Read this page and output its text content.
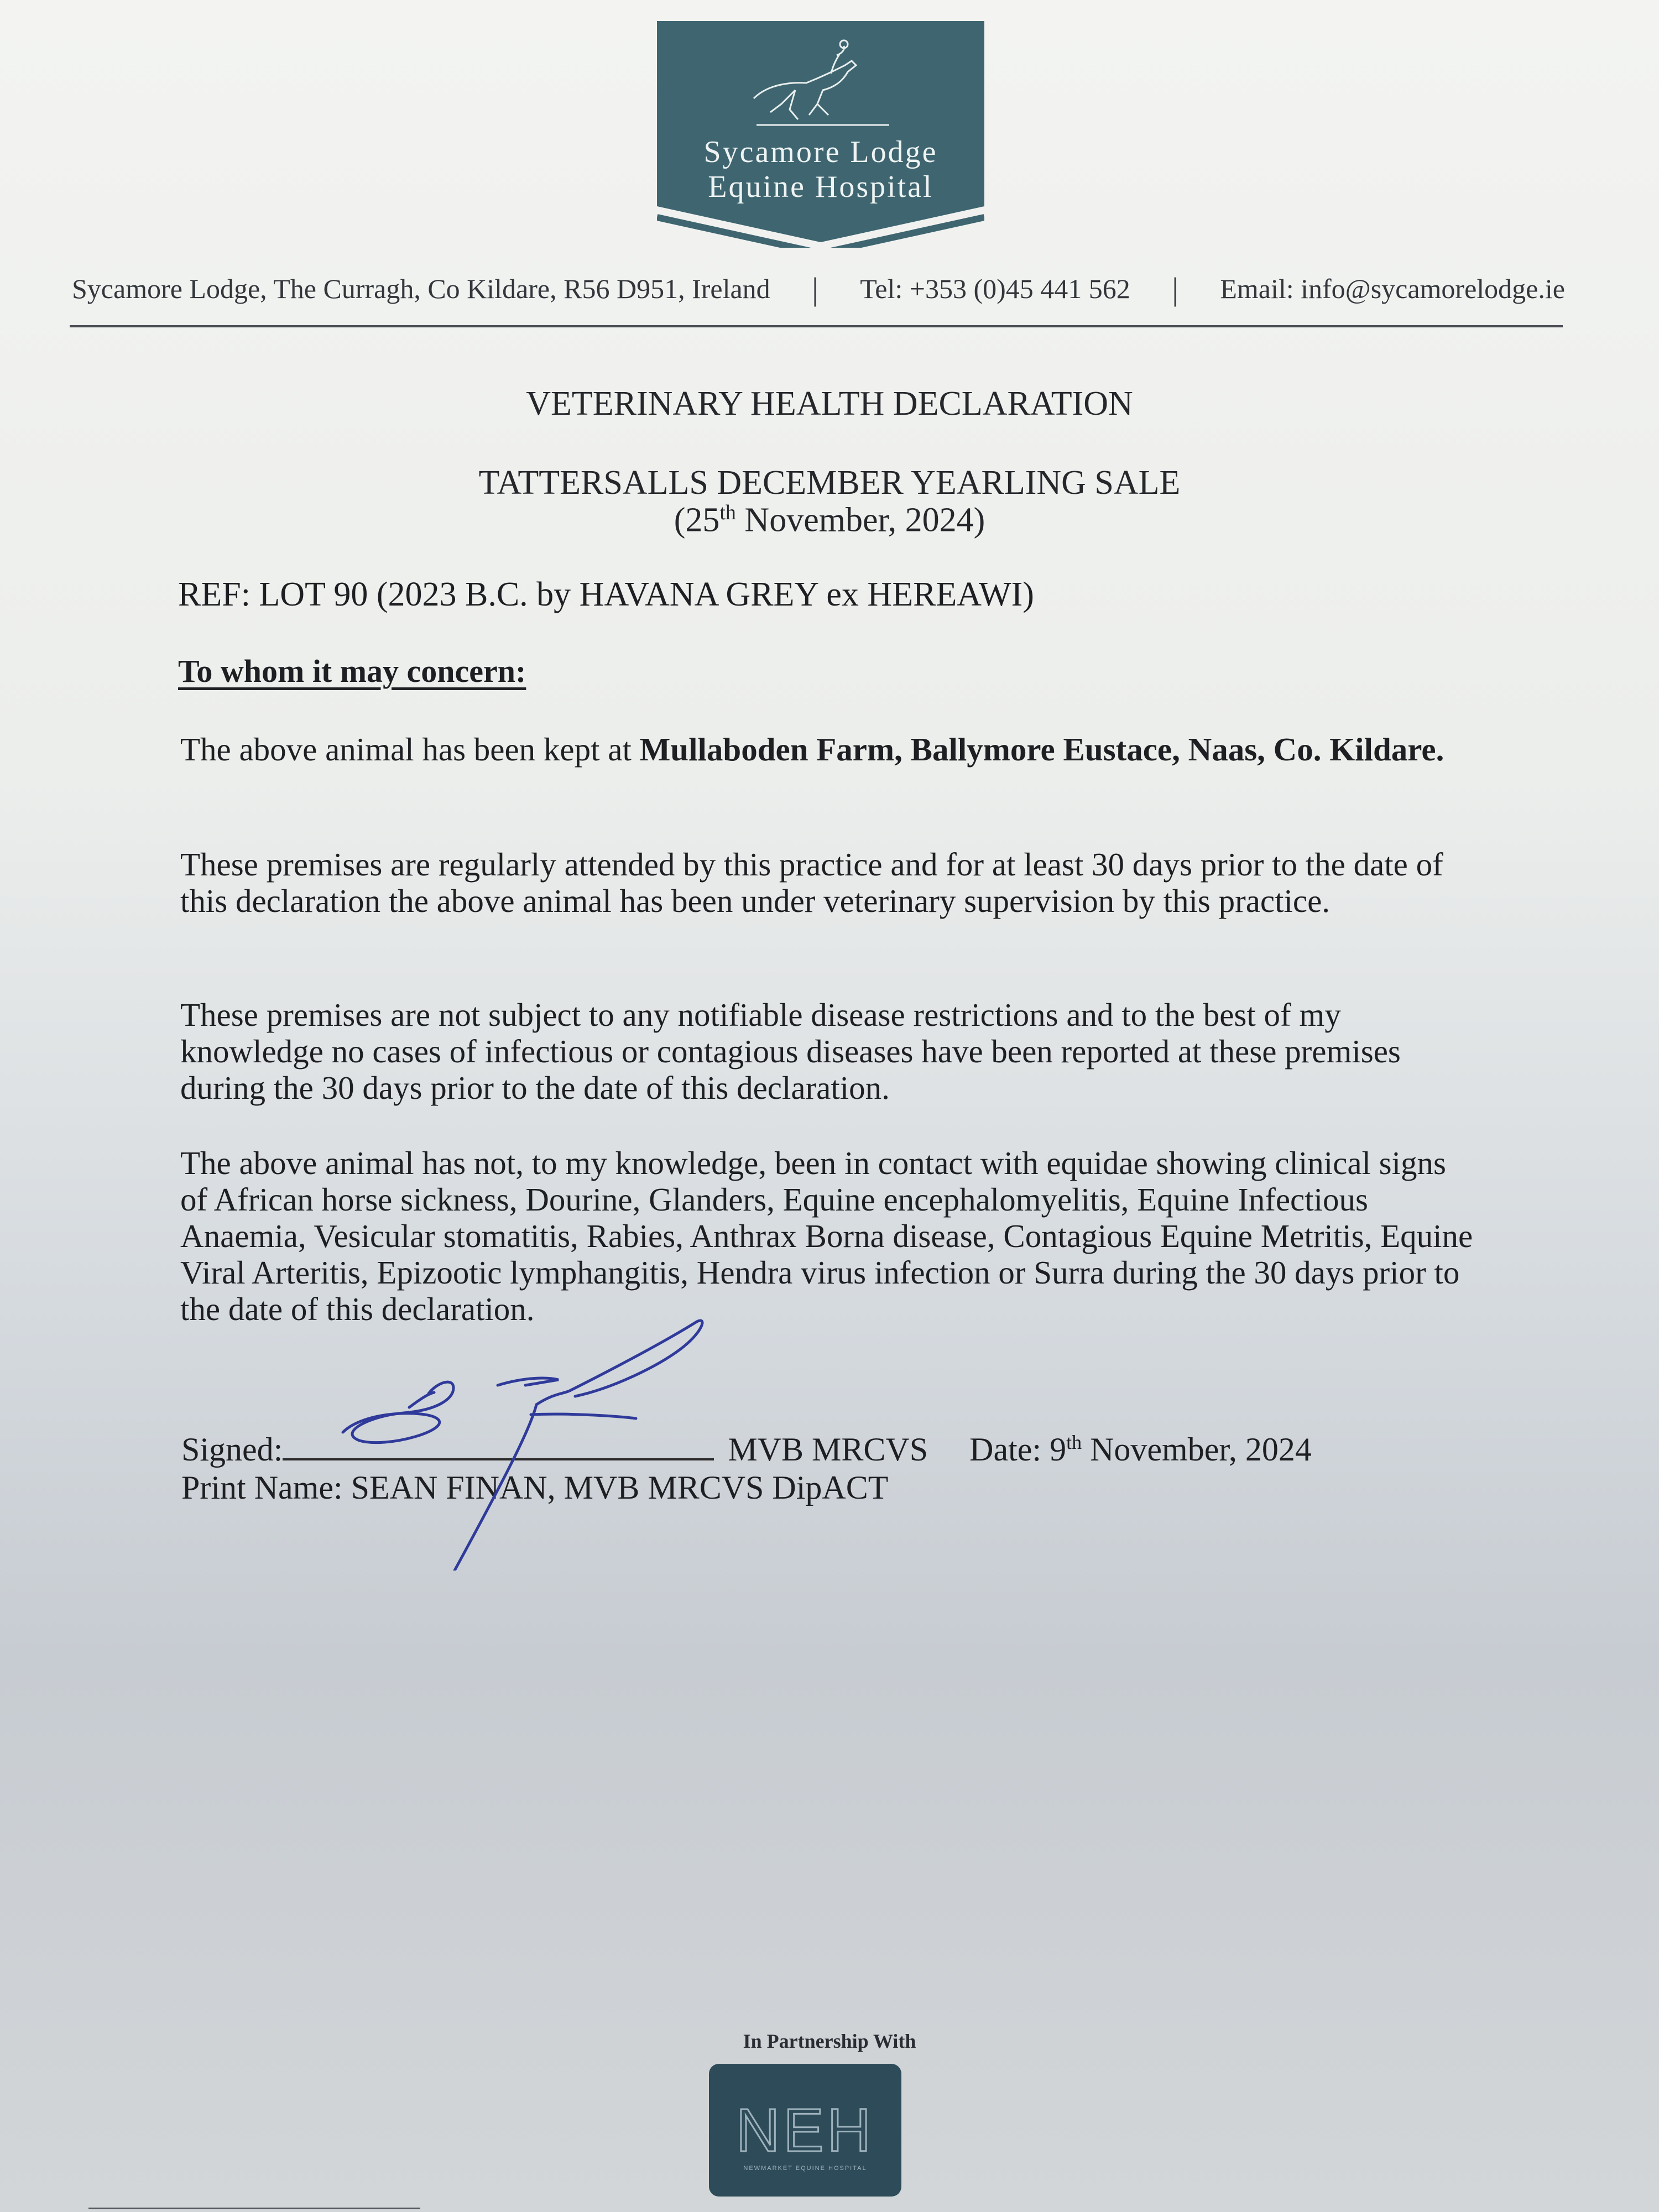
Sycamore Lodge
Equine Hospital
Sycamore Lodge, The Curragh, Co Kildare, R56 D951, Ireland	|	Tel: +353 (0)45 441 562	|	Email: info@sycamorelodge.ie
VETERINARY HEALTH DECLARATION
TATTERSALLS DECEMBER YEARLING SALE
(25th November, 2024)
REF: LOT 90 (2023 B.C. by HAVANA GREY ex HEREAWI)
To whom it may concern:
The above animal has been kept at Mullaboden Farm, Ballymore Eustace, Naas, Co. Kildare.
These premises are regularly attended by this practice and for at least 30 days prior to the date of this declaration the above animal has been under veterinary supervision by this practice.
These premises are not subject to any notifiable disease restrictions and to the best of my knowledge no cases of infectious or contagious diseases have been reported at these premises during the 30 days prior to the date of this declaration.
The above animal has not, to my knowledge, been in contact with equidae showing clinical signs of African horse sickness, Dourine, Glanders, Equine encephalomyelitis, Equine Infectious Anaemia, Vesicular stomatitis, Rabies, Anthrax Borna disease, Contagious Equine Metritis, Equine Viral Arteritis, Epizootic lymphangitis, Hendra virus infection or Surra during the 30 days prior to the date of this declaration.
Signed:	MVB MRCVS Date: 9th November, 2024
Print Name: SEAN FINAN, MVB MRCVS DipACT
In Partnership With
NEH
NEWMARKET EQUINE HOSPITAL
